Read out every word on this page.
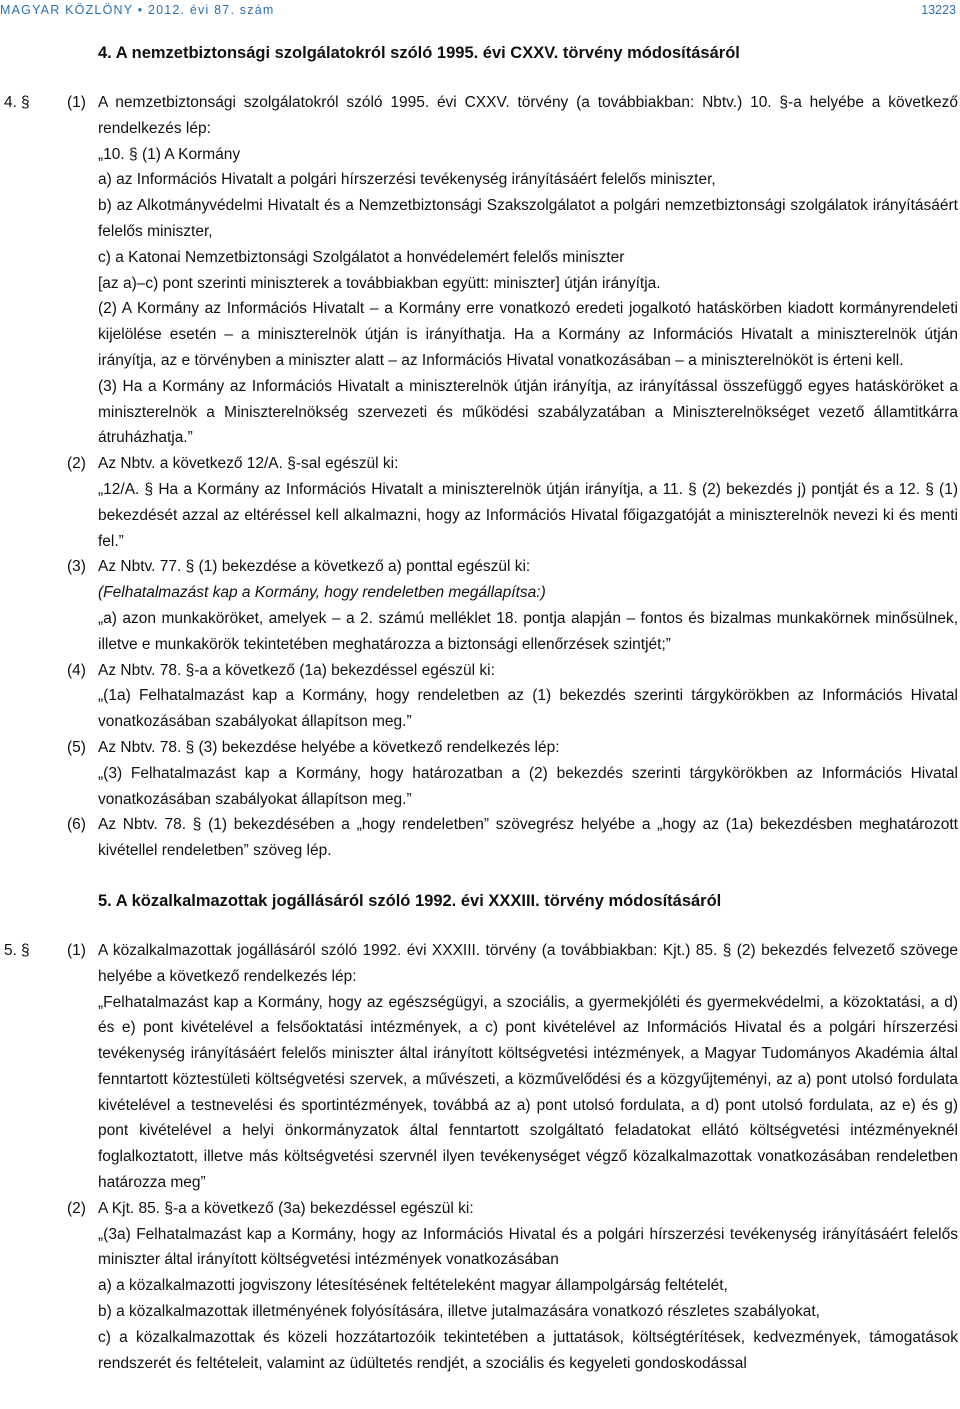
MAGYAR KÖZLÖNY • 2012. évi 87. szám	13223
4. A nemzetbiztonsági szolgálatokról szóló 1995. évi CXXV. törvény módosításáról
4. § (1) A nemzetbiztonsági szolgálatokról szóló 1995. évi CXXV. törvény (a továbbiakban: Nbtv.) 10. §-a helyébe a következő rendelkezés lép:

„10. § (1) A Kormány

a) az Információs Hivatalt a polgári hírszerzési tevékenység irányításáért felelős miniszter,

b) az Alkotmányvédelmi Hivatalt és a Nemzetbiztonsági Szakszolgálatot a polgári nemzetbiztonsági szolgálatok irányításáért felelős miniszter,

c) a Katonai Nemzetbiztonsági Szolgálatot a honvédelemért felelős miniszter

[az a)–c) pont szerinti miniszterek a továbbiakban együtt: miniszter] útján irányítja.

(2) A Kormány az Információs Hivatalt – a Kormány erre vonatkozó eredeti jogalkotó hatáskörben kiadott kormányrendeleti kijelölése esetén – a miniszterelnök útján is irányíthatja. Ha a Kormány az Információs Hivatalt a miniszterelnök útján irányítja, az e törvényben a miniszter alatt – az Információs Hivatal vonatkozásában – a miniszterelnököt is érteni kell.

(3) Ha a Kormány az Információs Hivatalt a miniszterelnök útján irányítja, az irányítással összefüggő egyes hatásköröket a miniszterelnök a Miniszterelnökség szervezeti és működési szabályzatában a Miniszterelnökséget vezető államtitkárra átruházhatja.”

(2) Az Nbtv. a következő 12/A. §-sal egészül ki:

„12/A. § Ha a Kormány az Információs Hivatalt a miniszterelnök útján irányítja, a 11. § (2) bekezdés j) pontját és a 12. § (1) bekezdését azzal az eltéréssel kell alkalmazni, hogy az Információs Hivatal főigazgatóját a miniszterelnök nevezi ki és menti fel.”

(3) Az Nbtv. 77. § (1) bekezdése a következő a) ponttal egészül ki:

(Felhatalmazást kap a Kormány, hogy rendeletben megállapítsa:)

„a) azon munkaköröket, amelyek – a 2. számú melléklet 18. pontja alapján – fontos és bizalmas munkakörnek minősülnek, illetve e munkakörök tekintetében meghatározza a biztonsági ellenőrzések szintjét;”

(4) Az Nbtv. 78. §-a a következő (1a) bekezdéssel egészül ki:

„(1a) Felhatalmazást kap a Kormány, hogy rendeletben az (1) bekezdés szerinti tárgykörökben az Információs Hivatal vonatkozásában szabályokat állapítson meg.”

(5) Az Nbtv. 78. § (3) bekezdése helyébe a következő rendelkezés lép:

„(3) Felhatalmazást kap a Kormány, hogy határozatban a (2) bekezdés szerinti tárgykörökben az Információs Hivatal vonatkozásában szabályokat állapítson meg.”

(6) Az Nbtv. 78. § (1) bekezdésében a „hogy rendeletben” szövegrész helyébe a „hogy az (1a) bekezdésben meghatározott kivétellel rendeletben” szöveg lép.

5. A közalkalmazottak jogállásáról szóló 1992. évi XXXIII. törvény módosításáról
5. § (1) A közalkalmazottak jogállásáról szóló 1992. évi XXXIII. törvény (a továbbiakban: Kjt.) 85. § (2) bekezdés felvezető szövege helyébe a következő rendelkezés lép:

„Felhatalmazást kap a Kormány, hogy az egészségügyi, a szociális, a gyermekjóléti és gyermekvédelmi, a közoktatási, a d) és e) pont kivételével a felsőoktatási intézmények, a c) pont kivételével az Információs Hivatal és a polgári hírszerzési tevékenység irányításáért felelős miniszter által irányított költségvetési intézmények, a Magyar Tudományos Akadémia által fenntartott köztestületi költségvetési szervek, a művészeti, a közművelődési és a közgyűjteményi, az a) pont utolsó fordulata kivételével a testnevelési és sportintézmények, továbbá az a) pont utolsó fordulata, a d) pont utolsó fordulata, az e) és g) pont kivételével a helyi önkormányzatok által fenntartott szolgáltató feladatokat ellátó költségvetési intézményeknél foglalkoztatott, illetve más költségvetési szervnél ilyen tevékenységet végző közalkalmazottak vonatkozásában rendeletben határozza meg”

(2) A Kjt. 85. §-a a következő (3a) bekezdéssel egészül ki:

„(3a) Felhatalmazást kap a Kormány, hogy az Információs Hivatal és a polgári hírszerzési tevékenység irányításáért felelős miniszter által irányított költségvetési intézmények vonatkozásában

a) a közalkalmazotti jogviszony létesítésének feltételeként magyar állampolgárság feltételét,

b) a közalkalmazottak illetményének folyósítására, illetve jutalmazására vonatkozó részletes szabályokat,

c) a közalkalmazottak és közeli hozzátartozóik tekintetében a juttatások, költségtérítések, kedvezmények, támogatások rendszerét és feltételeit, valamint az üdültetés rendjét, a szociális és kegyeleti gondoskodással
